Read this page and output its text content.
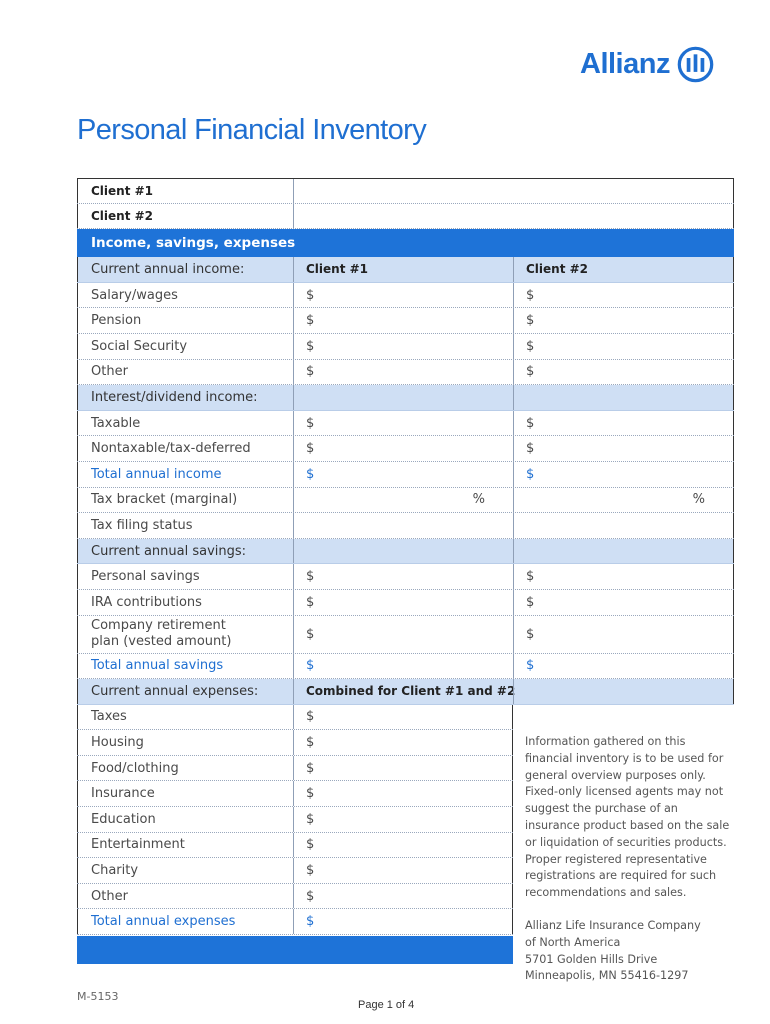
Allianz
Personal Financial Inventory
Client #1
Client #2
Income, savings, expenses
Current annual income:	Client #1	Client #2
Salary/wages	$	$
Pension	$	$
Social Security	$	$
Other	$	$
Interest/dividend income:
Taxable	$	$
Nontaxable/tax-deferred	$	$
Total annual income	$	$
Tax bracket (marginal)	%	%
Tax filing status
Current annual savings:
Personal savings	$	$
IRA contributions	$	$
Company retirement plan (vested amount)	$	$
Total annual savings	$	$
Current annual expenses:	Combined for Client #1 and #2
Taxes	$
Housing	$
Food/clothing	$
Insurance	$
Education	$
Entertainment	$
Charity	$
Other	$
Total annual expenses	$

Information gathered on this financial inventory is to be used for general overview purposes only. Fixed-only licensed agents may not suggest the purchase of an insurance product based on the sale or liquidation of securities products. Proper registered representative registrations are required for such recommendations and sales.

Allianz Life Insurance Company
of North America
5701 Golden Hills Drive
Minneapolis, MN 55416-1297
M-5153
Page 1 of 4
